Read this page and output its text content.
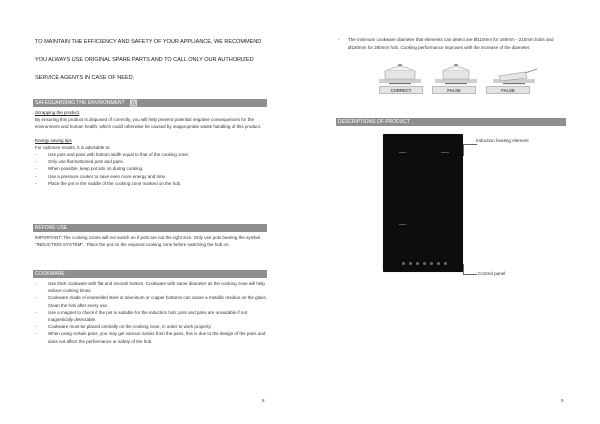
TO MAINTAIN THE EFFICIENCY AND SAFETY OF YOUR APPLIANCE, WE RECOMMEND

YOU ALWAYS USE ORIGINAL SPARE PARTS AND TO CALL ONLY OUR AUTHORIZED

SERVICE AGENTS IN CASE OF NEED.

SAFEGUARDING THE ENVIRONMENT
Scrapping the product
By ensuring this product is disposed of correctly, you will help prevent potential negative consequences for the environment and human health, which could otherwise be caused by inappropriate waste handling of this product.
Energy saving tips
For optimum results, it is advisable to:
- Use pots and pans with bottom width equal to that of the cooking zone.
- Only use flat-bottomed pots and pans.
- When possible, keep pot lids on during cooking.
- Use a pressure cooker to save even more energy and time.
- Place the pot in the middle of the cooking zone marked on the hob.
BEFORE USE
IMPORTANT: The cooking zones will not switch on if pots are not the right size. Only use pots bearing the symbol "INDUCTION SYSTEM" . Place the pot on the required cooking zone before switching the hob on.
COOKWARE
- Use thick cookware with flat and smooth bottom. Cookware with same diameter as the cooking zone will help reduce cooking times.
- Cookware made of enamelled steel or aluminum or copper bottoms can cause a metallic residue on the glass. Clean the hob after every use.
- Use a magnet to check if the pot is suitable for the induction hob: pots and pans are unsuitable if not magnetically detectable.
- Cookware must be placed centrally on the cooking zone, in order to work properly.
- When using certain pans, you may get various noises from the pans, this is due to the design of the pans and does not affect the performance or safety of the hob.
8
-	The minimum cookware diameter that elements can detect are Ø110mm for 160mm - 210mm hobs and Ø160mm for 280mm hob. Cooking performance improves with the increase of the diameter.
CORRECT	FALSE	FALSE
DESCRIPTIONS OF PRODUCT
Induction heating element
Control panel
9
